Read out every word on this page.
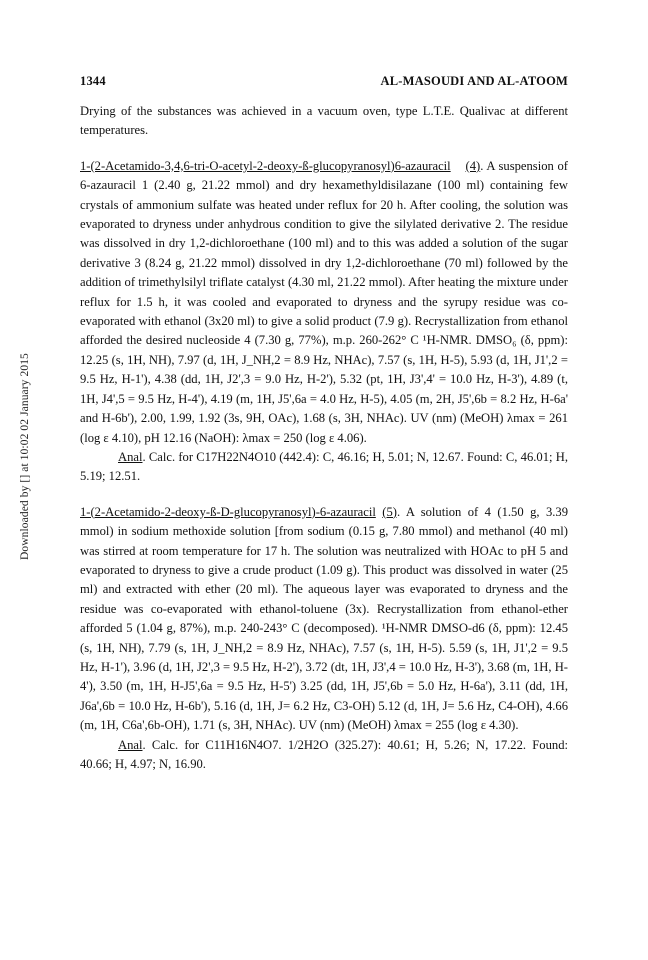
1344	AL-MASOUDI AND AL-ATOOM
Downloaded by [] at 10:02 02 January 2015

Drying of the substances was achieved in a vacuum oven, type L.T.E. Qualivac at different temperatures.

1-(2-Acetamido-3,4,6-tri-O-acetyl-2-deoxy-ß-glucopyranosyl)6-azauracil (4). A suspension of 6-azauracil 1 (2.40 g, 21.22 mmol) and dry hexamethyldisilazane (100 ml) containing few crystals of ammonium sulfate was heated under reflux for 20 h. After cooling, the solution was evaporated to dryness under anhydrous condition to give the silylated derivative 2. The residue was dissolved in dry 1,2-dichloroethane (100 ml) and to this was added a solution of the sugar derivative 3 (8.24 g, 21.22 mmol) dissolved in dry 1,2-dichloroethane (70 ml) followed by the addition of trimethylsilyl triflate catalyst (4.30 ml, 21.22 mmol). After heating the mixture under reflux for 1.5 h, it was cooled and evaporated to dryness and the syrupy residue was co-evaporated with ethanol (3x20 ml) to give a solid product (7.9 g). Recrystallization from ethanol afforded the desired nucleoside 4 (7.30 g, 77%), m.p. 260-262° C ¹H-NMR. DMSO₆ (δ, ppm): 12.25 (s, 1H, NH), 7.97 (d, 1H, J_NH,2 = 8.9 Hz, NHAc), 7.57 (s, 1H, H-5), 5.93 (d, 1H, J1',2 = 9.5 Hz, H-1'), 4.38 (dd, 1H, J2',3 = 9.0 Hz, H-2'), 5.32 (pt, 1H, J3',4' = 10.0 Hz, H-3'), 4.89 (t, 1H, J4',5 = 9.5 Hz, H-4'), 4.19 (m, 1H, J5',6a = 4.0 Hz, H-5), 4.05 (m, 2H, J5',6b = 8.2 Hz, H-6a' and H-6b'), 2.00, 1.99, 1.92 (3s, 9H, OAc), 1.68 (s, 3H, NHAc). UV (nm) (MeOH) λmax = 261 (log ε 4.10), pH 12.16 (NaOH): λmax = 250 (log ε 4.06).

Anal. Calc. for C17H22N4O10 (442.4): C, 46.16; H, 5.01; N, 12.67. Found: C, 46.01; H, 5.19; 12.51.

1-(2-Acetamido-2-deoxy-ß-D-glucopyranosyl)-6-azauracil (5). A solution of 4 (1.50 g, 3.39 mmol) in sodium methoxide solution [from sodium (0.15 g, 7.80 mmol) and methanol (40 ml) was stirred at room temperature for 17 h. The solution was neutralized with HOAc to pH 5 and evaporated to dryness to give a crude product (1.09 g). This product was dissolved in water (25 ml) and extracted with ether (20 ml). The aqueous layer was evaporated to dryness and the residue was co-evaporated with ethanol-toluene (3x). Recrystallization from ethanol-ether afforded 5 (1.04 g, 87%), m.p. 240-243° C (decomposed). ¹H-NMR DMSO-d6 (δ, ppm): 12.45 (s, 1H, NH), 7.79 (s, 1H, J_NH,2 = 8.9 Hz, NHAc), 7.57 (s, 1H, H-5). 5.59 (s, 1H, J1',2 = 9.5 Hz, H-1'), 3.96 (d, 1H, J2',3 = 9.5 Hz, H-2'), 3.72 (dt, 1H, J3',4 = 10.0 Hz, H-3'), 3.68 (m, 1H, H-4'), 3.50 (m, 1H, H-J5',6a = 9.5 Hz, H-5') 3.25 (dd, 1H, J5',6b = 5.0 Hz, H-6a'), 3.11 (dd, 1H, J6a',6b = 10.0 Hz, H-6b'), 5.16 (d, 1H, J= 6.2 Hz, C3-OH) 5.12 (d, 1H, J= 5.6 Hz, C4-OH), 4.66 (m, 1H, C6a',6b-OH), 1.71 (s, 3H, NHAc). UV (nm) (MeOH) λmax = 255 (log ε 4.30).

Anal. Calc. for C11H16N4O7. 1/2H2O (325.27): 40.61; H, 5.26; N, 17.22. Found: 40.66; H, 4.97; N, 16.90.
